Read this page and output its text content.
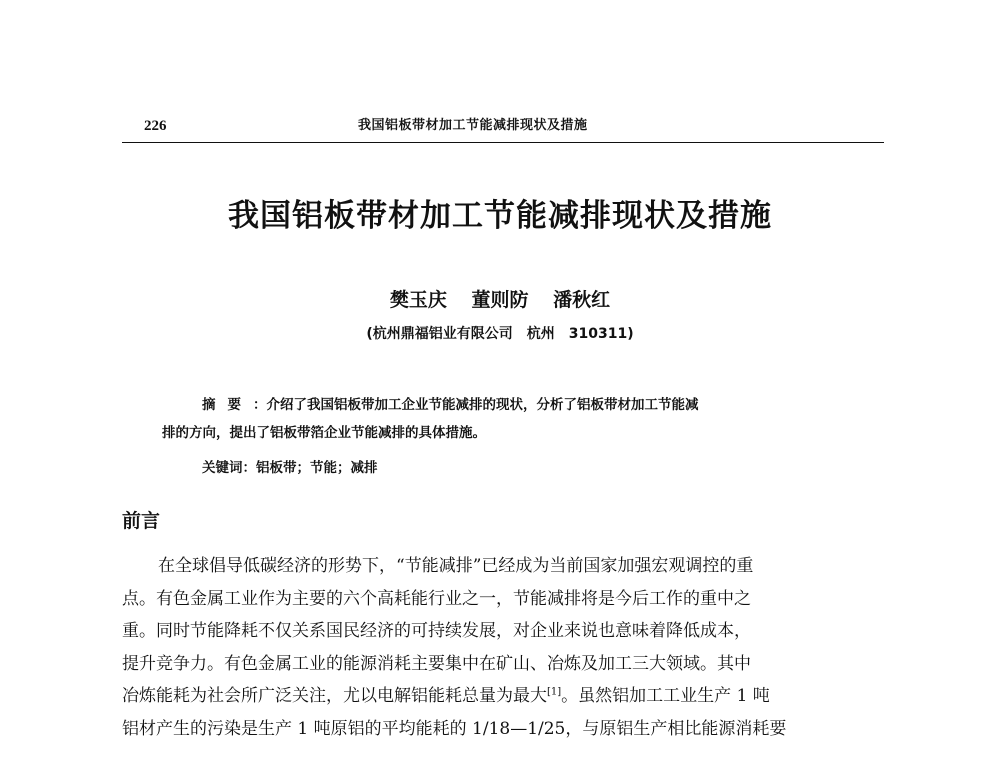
226	我国铝板带材加工节能减排现状及措施
我国铝板带材加工节能减排现状及措施
樊玉庆 董则防 潘秋红
(杭州鼎福铝业有限公司　杭州　310311)
摘要：介绍了我国铝板带加工企业节能减排的现状，分析了铝板带材加工节能减
排的方向，提出了铝板带箔企业节能减排的具体措施。
关键词：铝板带；节能；减排
前言
在全球倡导低碳经济的形势下，“节能减排”已经成为当前国家加强宏观调控的重
点。有色金属工业作为主要的六个高耗能行业之一，节能减排将是今后工作的重中之
重。同时节能降耗不仅关系国民经济的可持续发展，对企业来说也意味着降低成本，
提升竞争力。有色金属工业的能源消耗主要集中在矿山、冶炼及加工三大领域。其中
冶炼能耗为社会所广泛关注，尤以电解铝能耗总量为最大[1]。虽然铝加工工业生产 1 吨
铝材产生的污染是生产 1 吨原铝的平均能耗的 1/18—1/25，与原铝生产相比能源消耗要
